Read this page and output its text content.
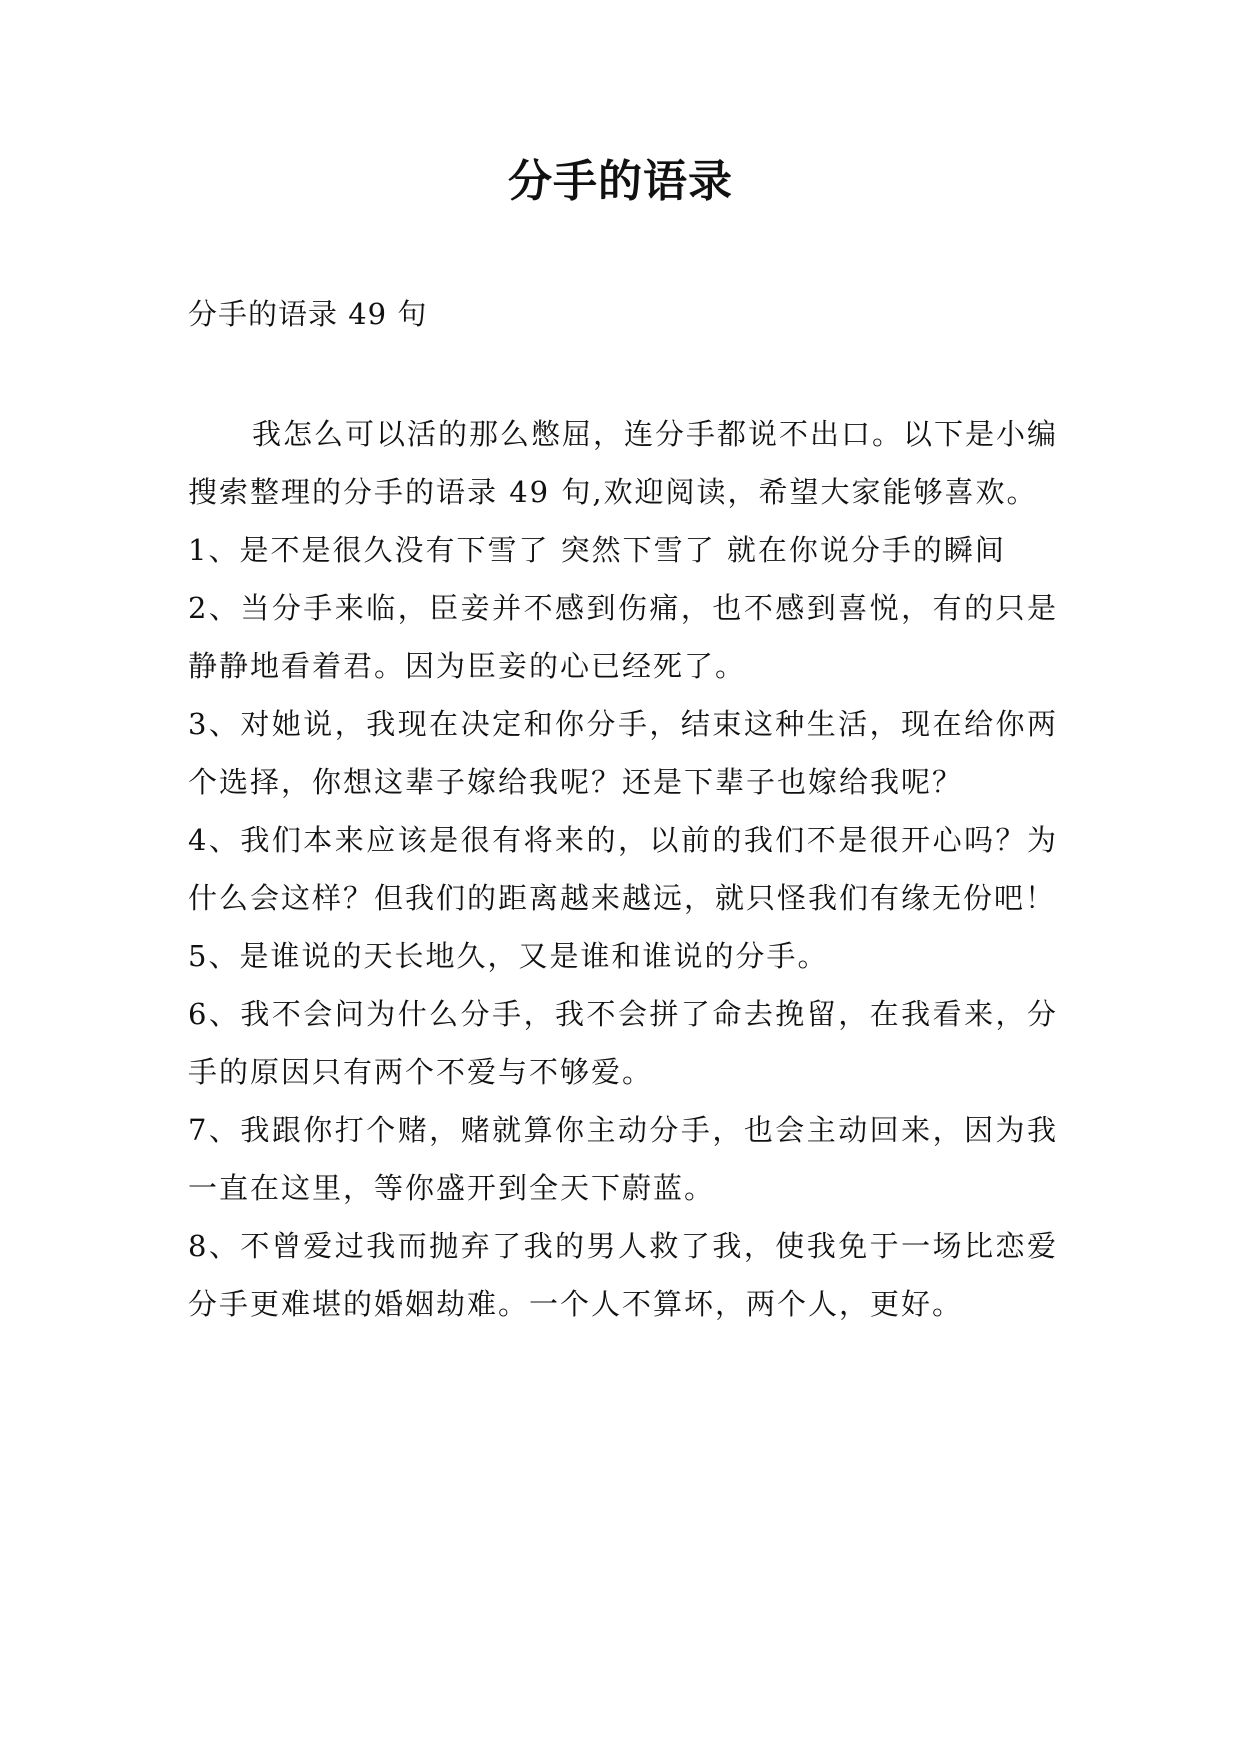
分手的语录

分手的语录 49 句

我怎么可以活的那么憋屈，连分手都说不出口。以下是小编搜索整理的分手的语录 49 句,欢迎阅读，希望大家能够喜欢。

1、是不是很久没有下雪了 突然下雪了 就在你说分手的瞬间

2、当分手来临，臣妾并不感到伤痛，也不感到喜悦，有的只是静静地看着君。因为臣妾的心已经死了。

3、对她说，我现在决定和你分手，结束这种生活，现在给你两个选择，你想这辈子嫁给我呢？还是下辈子也嫁给我呢？

4、我们本来应该是很有将来的，以前的我们不是很开心吗？为什么会这样？但我们的距离越来越远，就只怪我们有缘无份吧！

5、是谁说的天长地久，又是谁和谁说的分手。

6、我不会问为什么分手，我不会拼了命去挽留，在我看来，分手的原因只有两个不爱与不够爱。

7、我跟你打个赌，赌就算你主动分手，也会主动回来，因为我一直在这里，等你盛开到全天下蔚蓝。

8、不曾爱过我而抛弃了我的男人救了我，使我免于一场比恋爱分手更难堪的婚姻劫难。一个人不算坏，两个人，更好。
